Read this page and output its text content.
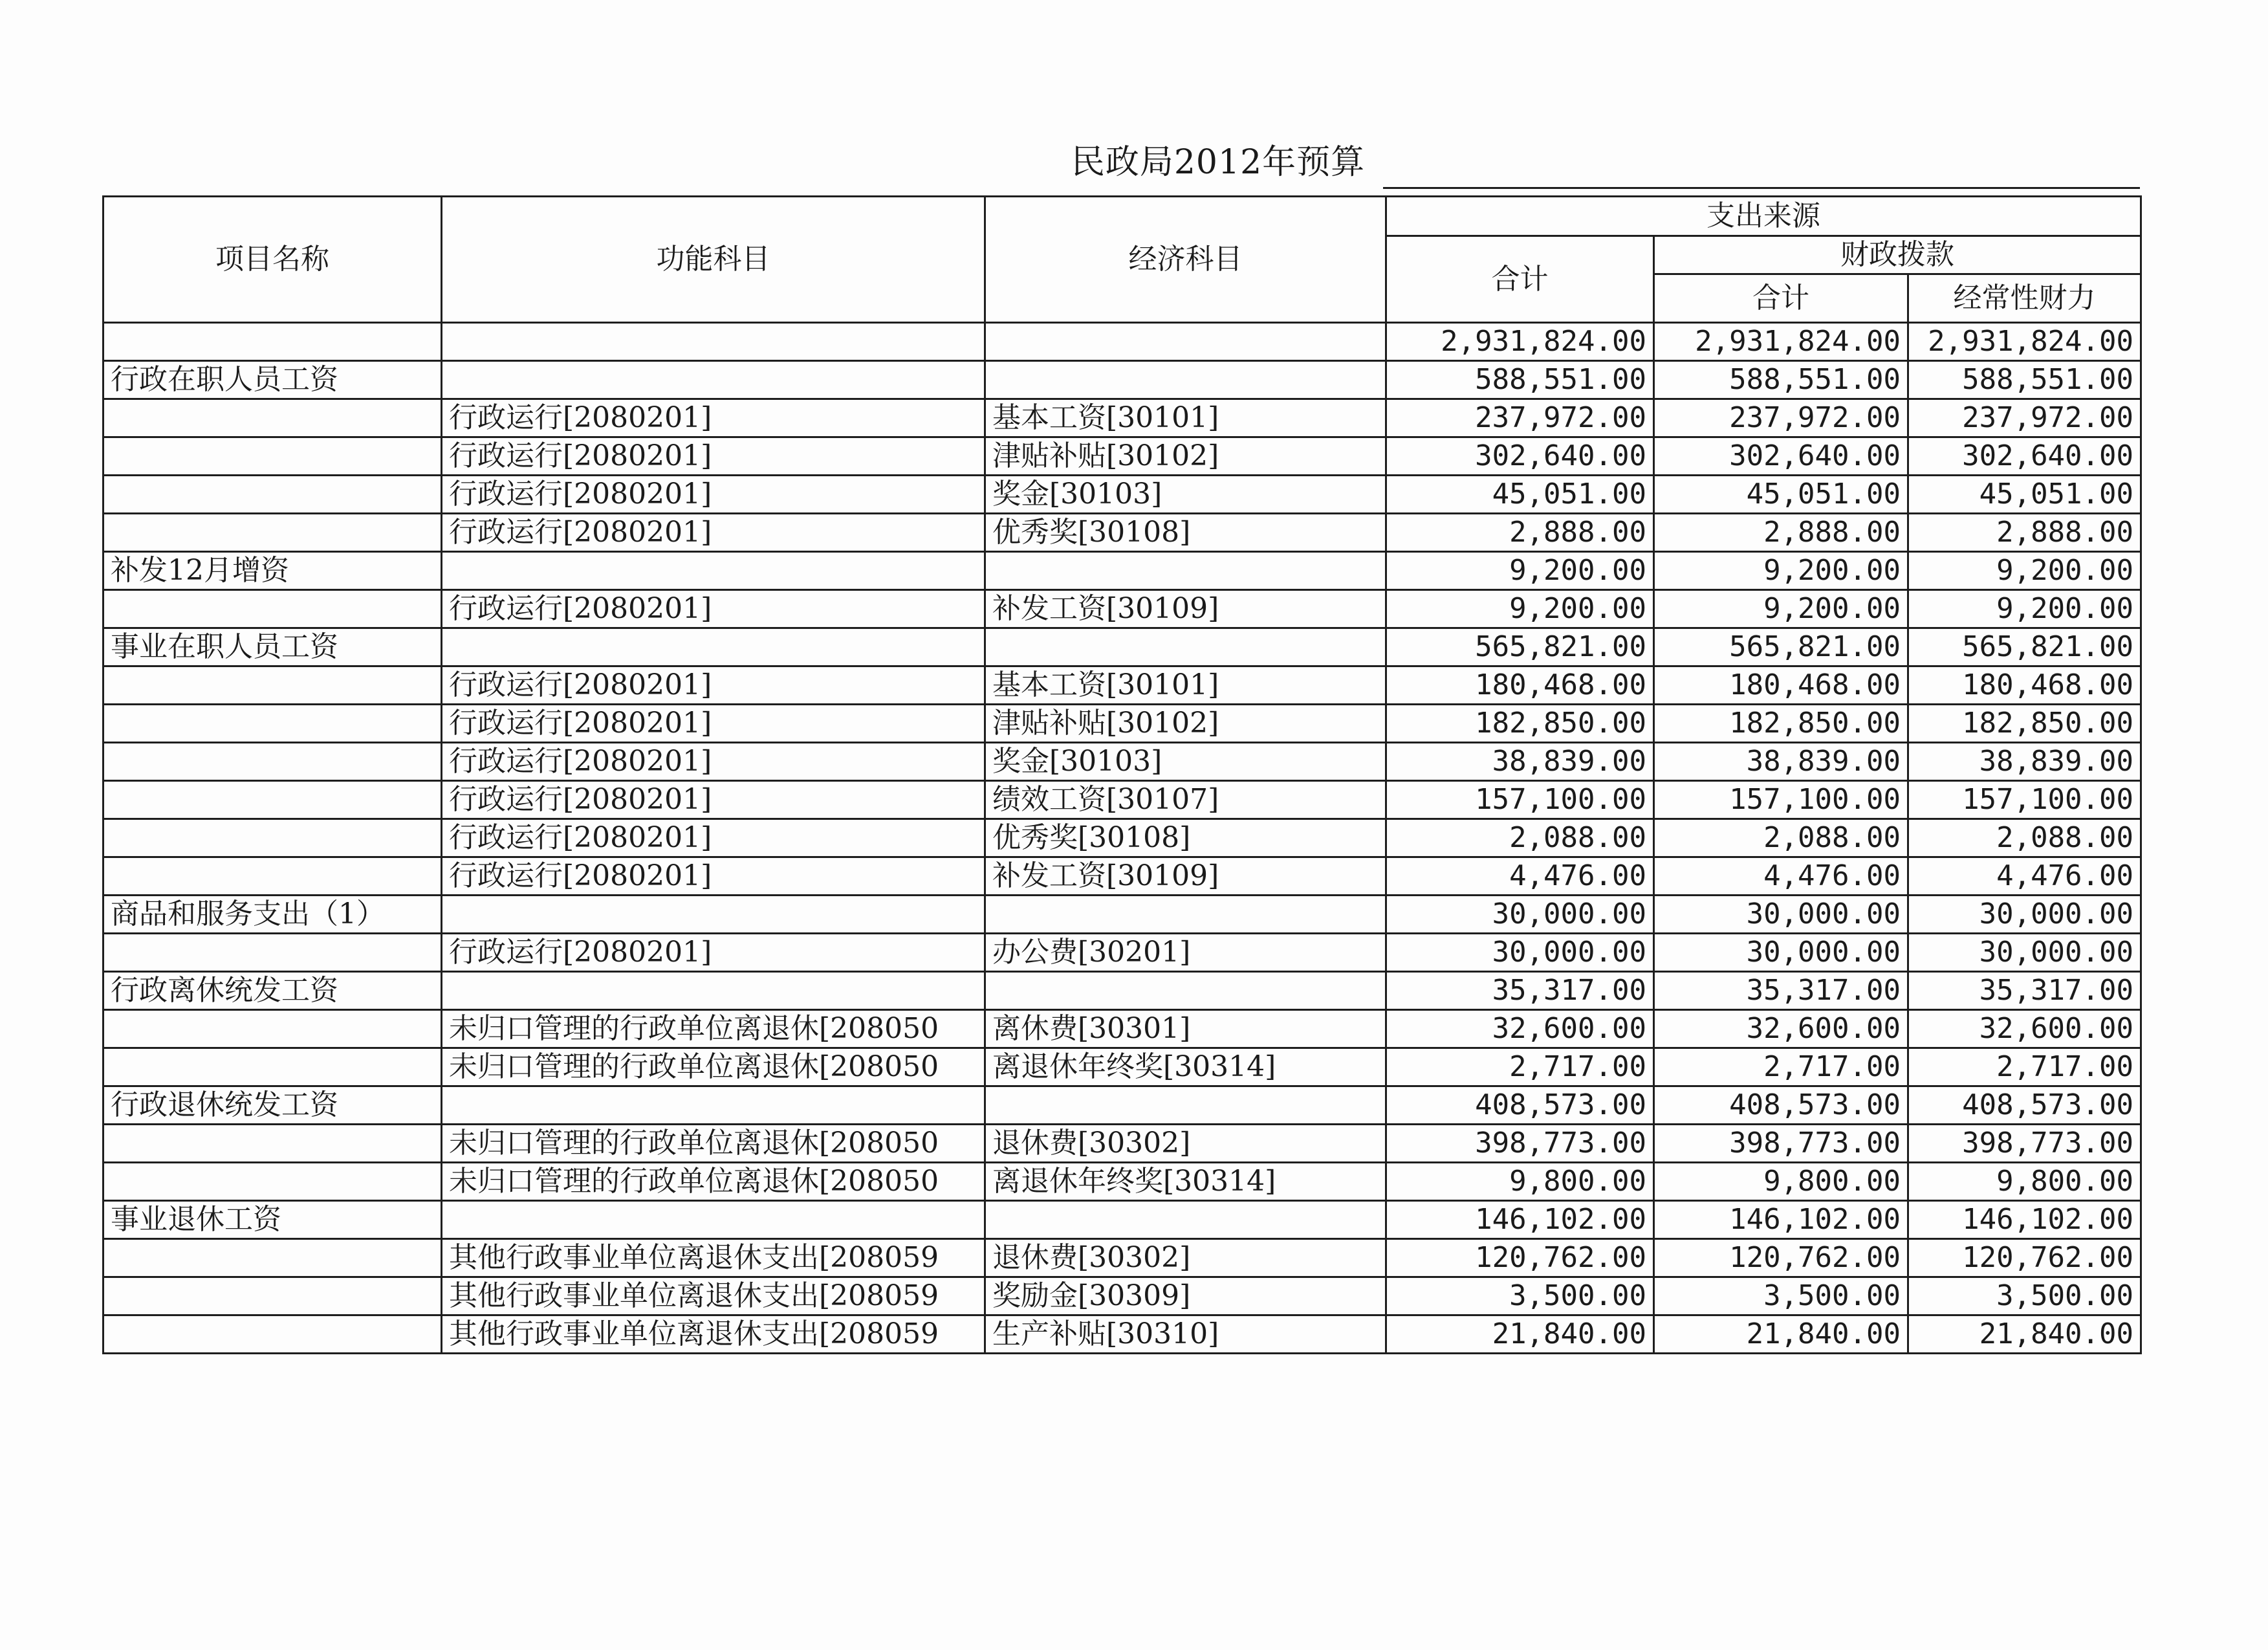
民政局2012年预算
项目名称	功能科目	经济科目	支出来源		
			合计	财政拨款	
				合计	经常性财力
			2,931,824.00	2,931,824.00	2,931,824.00
行政在职人员工资			588,551.00	588,551.00	588,551.00
	行政运行[2080201]	基本工资[30101]	237,972.00	237,972.00	237,972.00
	行政运行[2080201]	津贴补贴[30102]	302,640.00	302,640.00	302,640.00
	行政运行[2080201]	奖金[30103]	45,051.00	45,051.00	45,051.00
	行政运行[2080201]	优秀奖[30108]	2,888.00	2,888.00	2,888.00
补发12月增资			9,200.00	9,200.00	9,200.00
	行政运行[2080201]	补发工资[30109]	9,200.00	9,200.00	9,200.00
事业在职人员工资			565,821.00	565,821.00	565,821.00
	行政运行[2080201]	基本工资[30101]	180,468.00	180,468.00	180,468.00
	行政运行[2080201]	津贴补贴[30102]	182,850.00	182,850.00	182,850.00
	行政运行[2080201]	奖金[30103]	38,839.00	38,839.00	38,839.00
	行政运行[2080201]	绩效工资[30107]	157,100.00	157,100.00	157,100.00
	行政运行[2080201]	优秀奖[30108]	2,088.00	2,088.00	2,088.00
	行政运行[2080201]	补发工资[30109]	4,476.00	4,476.00	4,476.00
商品和服务支出（1）			30,000.00	30,000.00	30,000.00
	行政运行[2080201]	办公费[30201]	30,000.00	30,000.00	30,000.00
行政离休统发工资			35,317.00	35,317.00	35,317.00
	未归口管理的行政单位离退休[208050	离休费[30301]	32,600.00	32,600.00	32,600.00
	未归口管理的行政单位离退休[208050	离退休年终奖[30314]	2,717.00	2,717.00	2,717.00
行政退休统发工资			408,573.00	408,573.00	408,573.00
	未归口管理的行政单位离退休[208050	退休费[30302]	398,773.00	398,773.00	398,773.00
	未归口管理的行政单位离退休[208050	离退休年终奖[30314]	9,800.00	9,800.00	9,800.00
事业退休工资			146,102.00	146,102.00	146,102.00
	其他行政事业单位离退休支出[208059	退休费[30302]	120,762.00	120,762.00	120,762.00
	其他行政事业单位离退休支出[208059	奖励金[30309]	3,500.00	3,500.00	3,500.00
	其他行政事业单位离退休支出[208059	生产补贴[30310]	21,840.00	21,840.00	21,840.00
